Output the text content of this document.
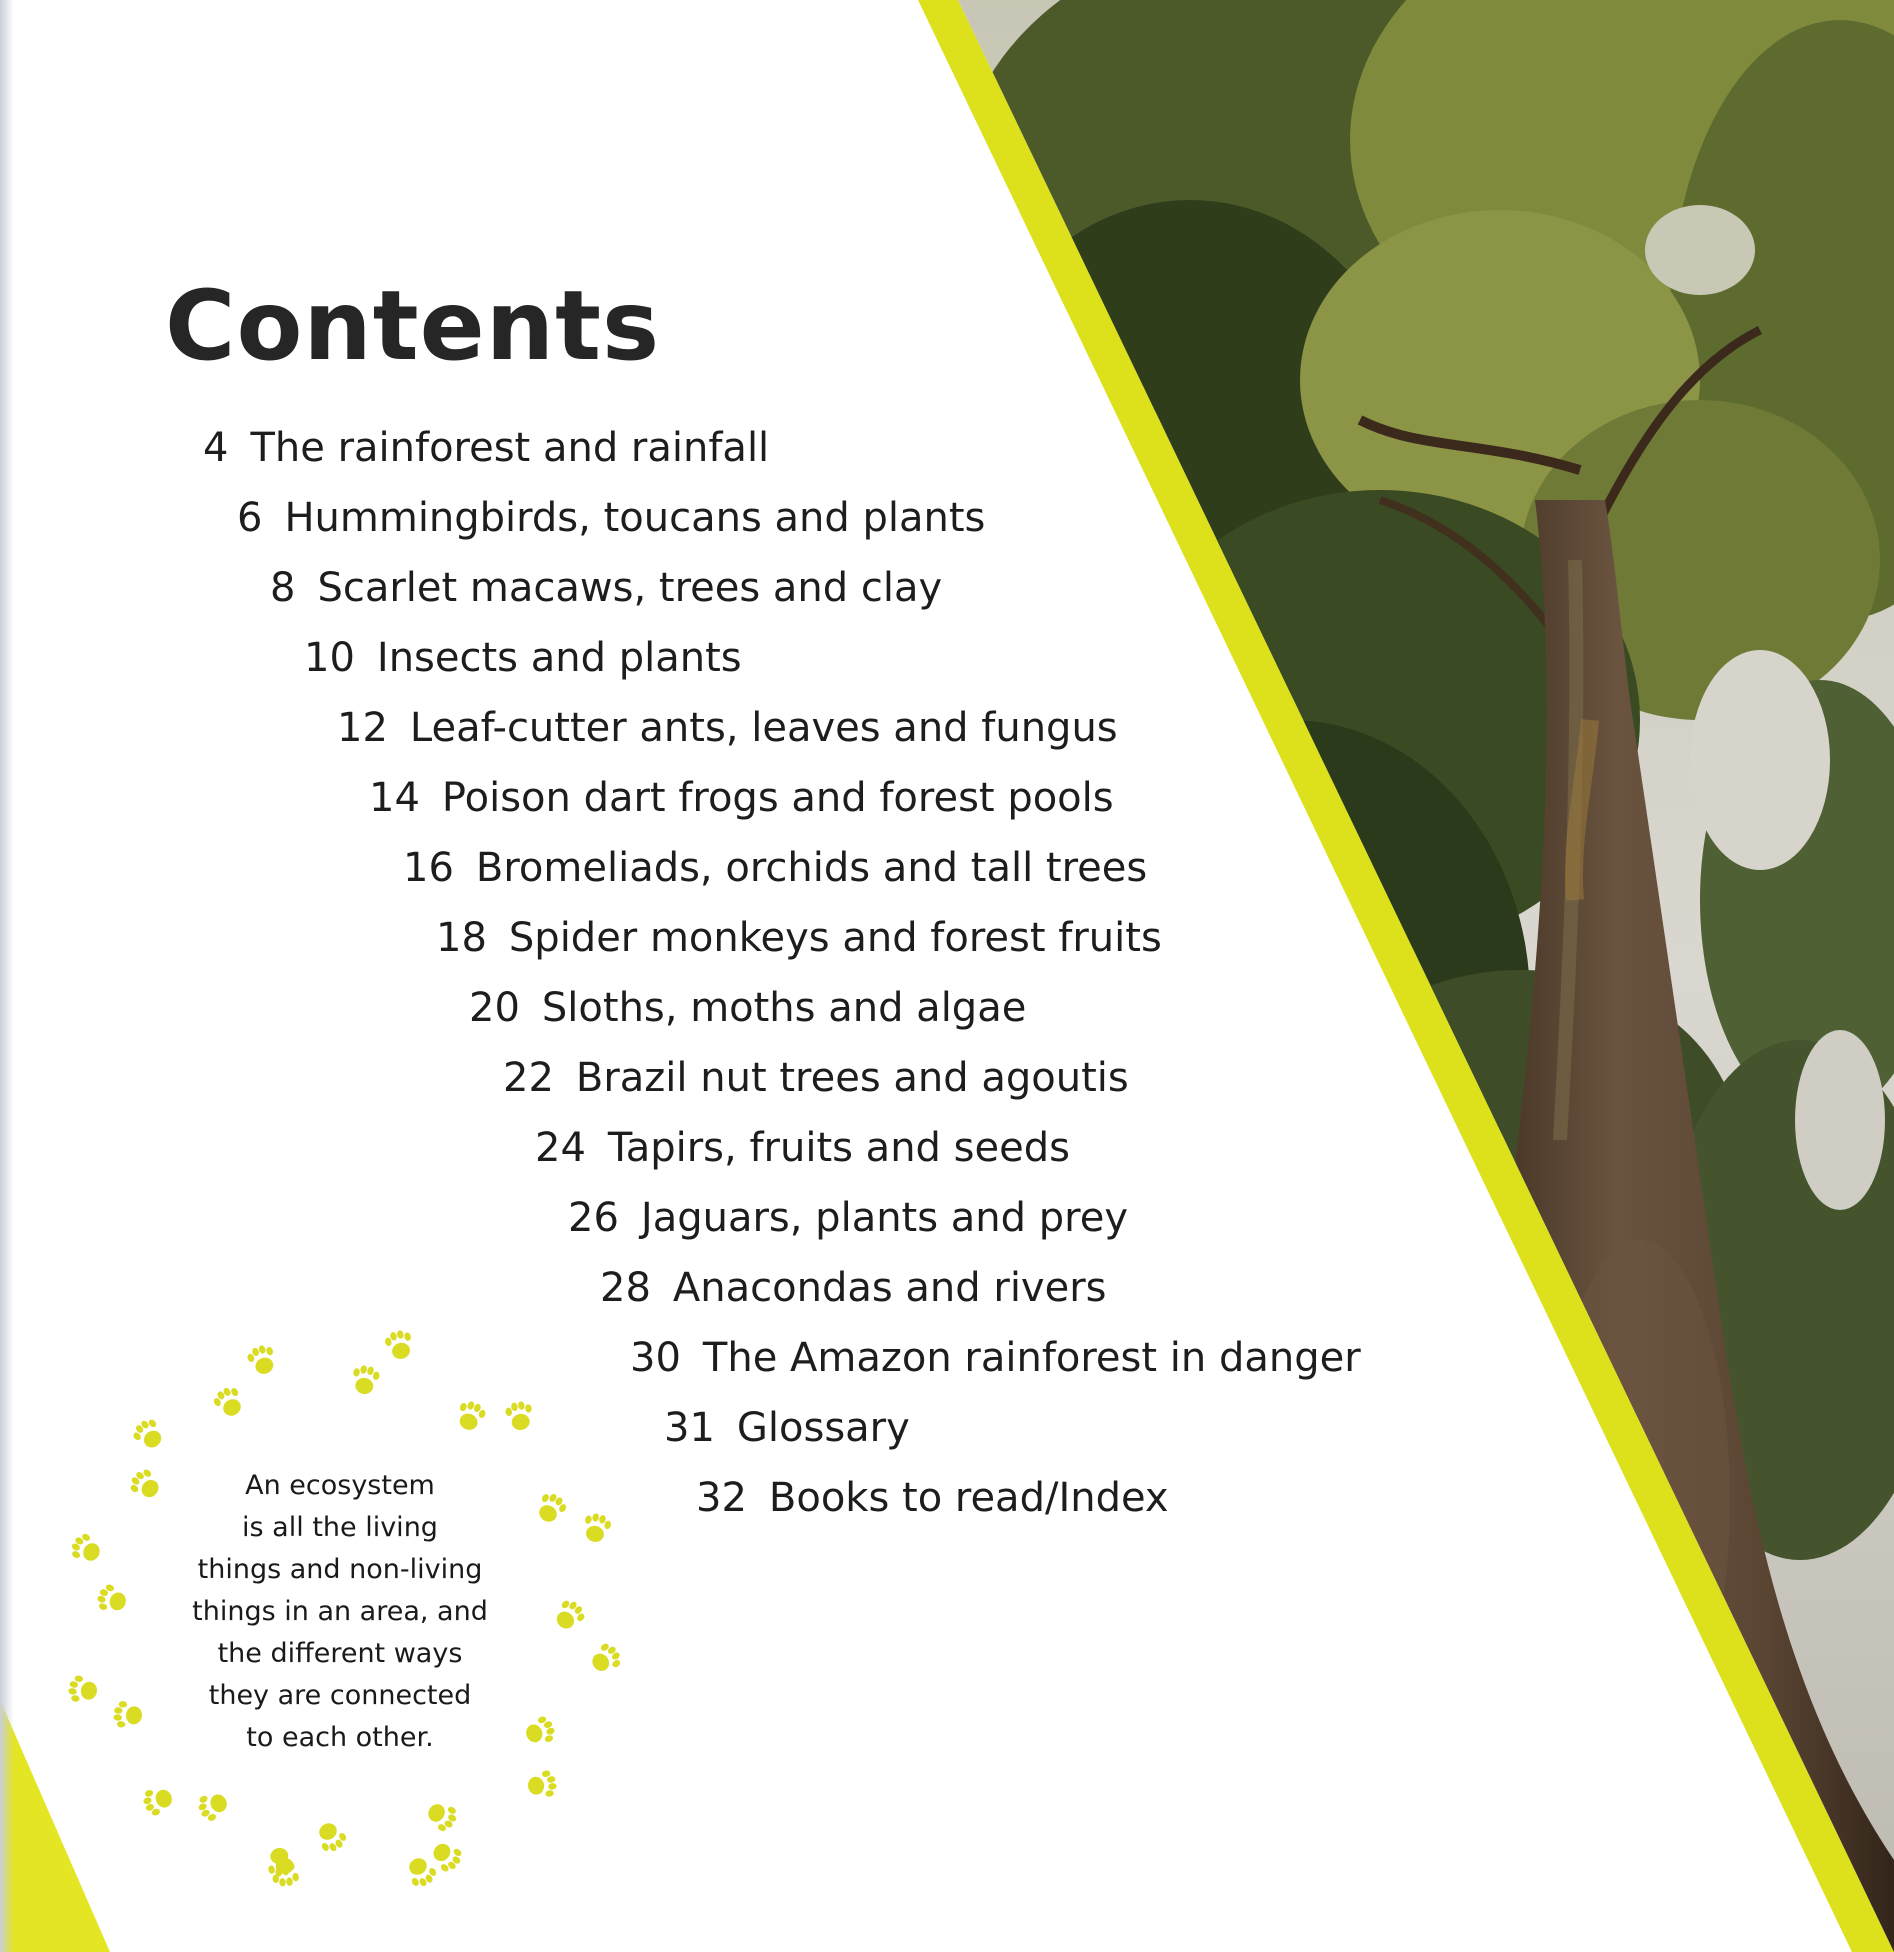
Contents
4 The rainforest and rainfall
6 Hummingbirds, toucans and plants
8 Scarlet macaws, trees and clay
10 Insects and plants
12 Leaf-cutter ants, leaves and fungus
14 Poison dart frogs and forest pools
16 Bromeliads, orchids and tall trees
18 Spider monkeys and forest fruits
20 Sloths, moths and algae
22 Brazil nut trees and agoutis
24 Tapirs, fruits and seeds
26 Jaguars, plants and prey
28 Anacondas and rivers
30 The Amazon rainforest in danger
31 Glossary
32 Books to read/Index
An ecosystem
is all the living
things and non-living
things in an area, and
the different ways
they are connected
to each other.
